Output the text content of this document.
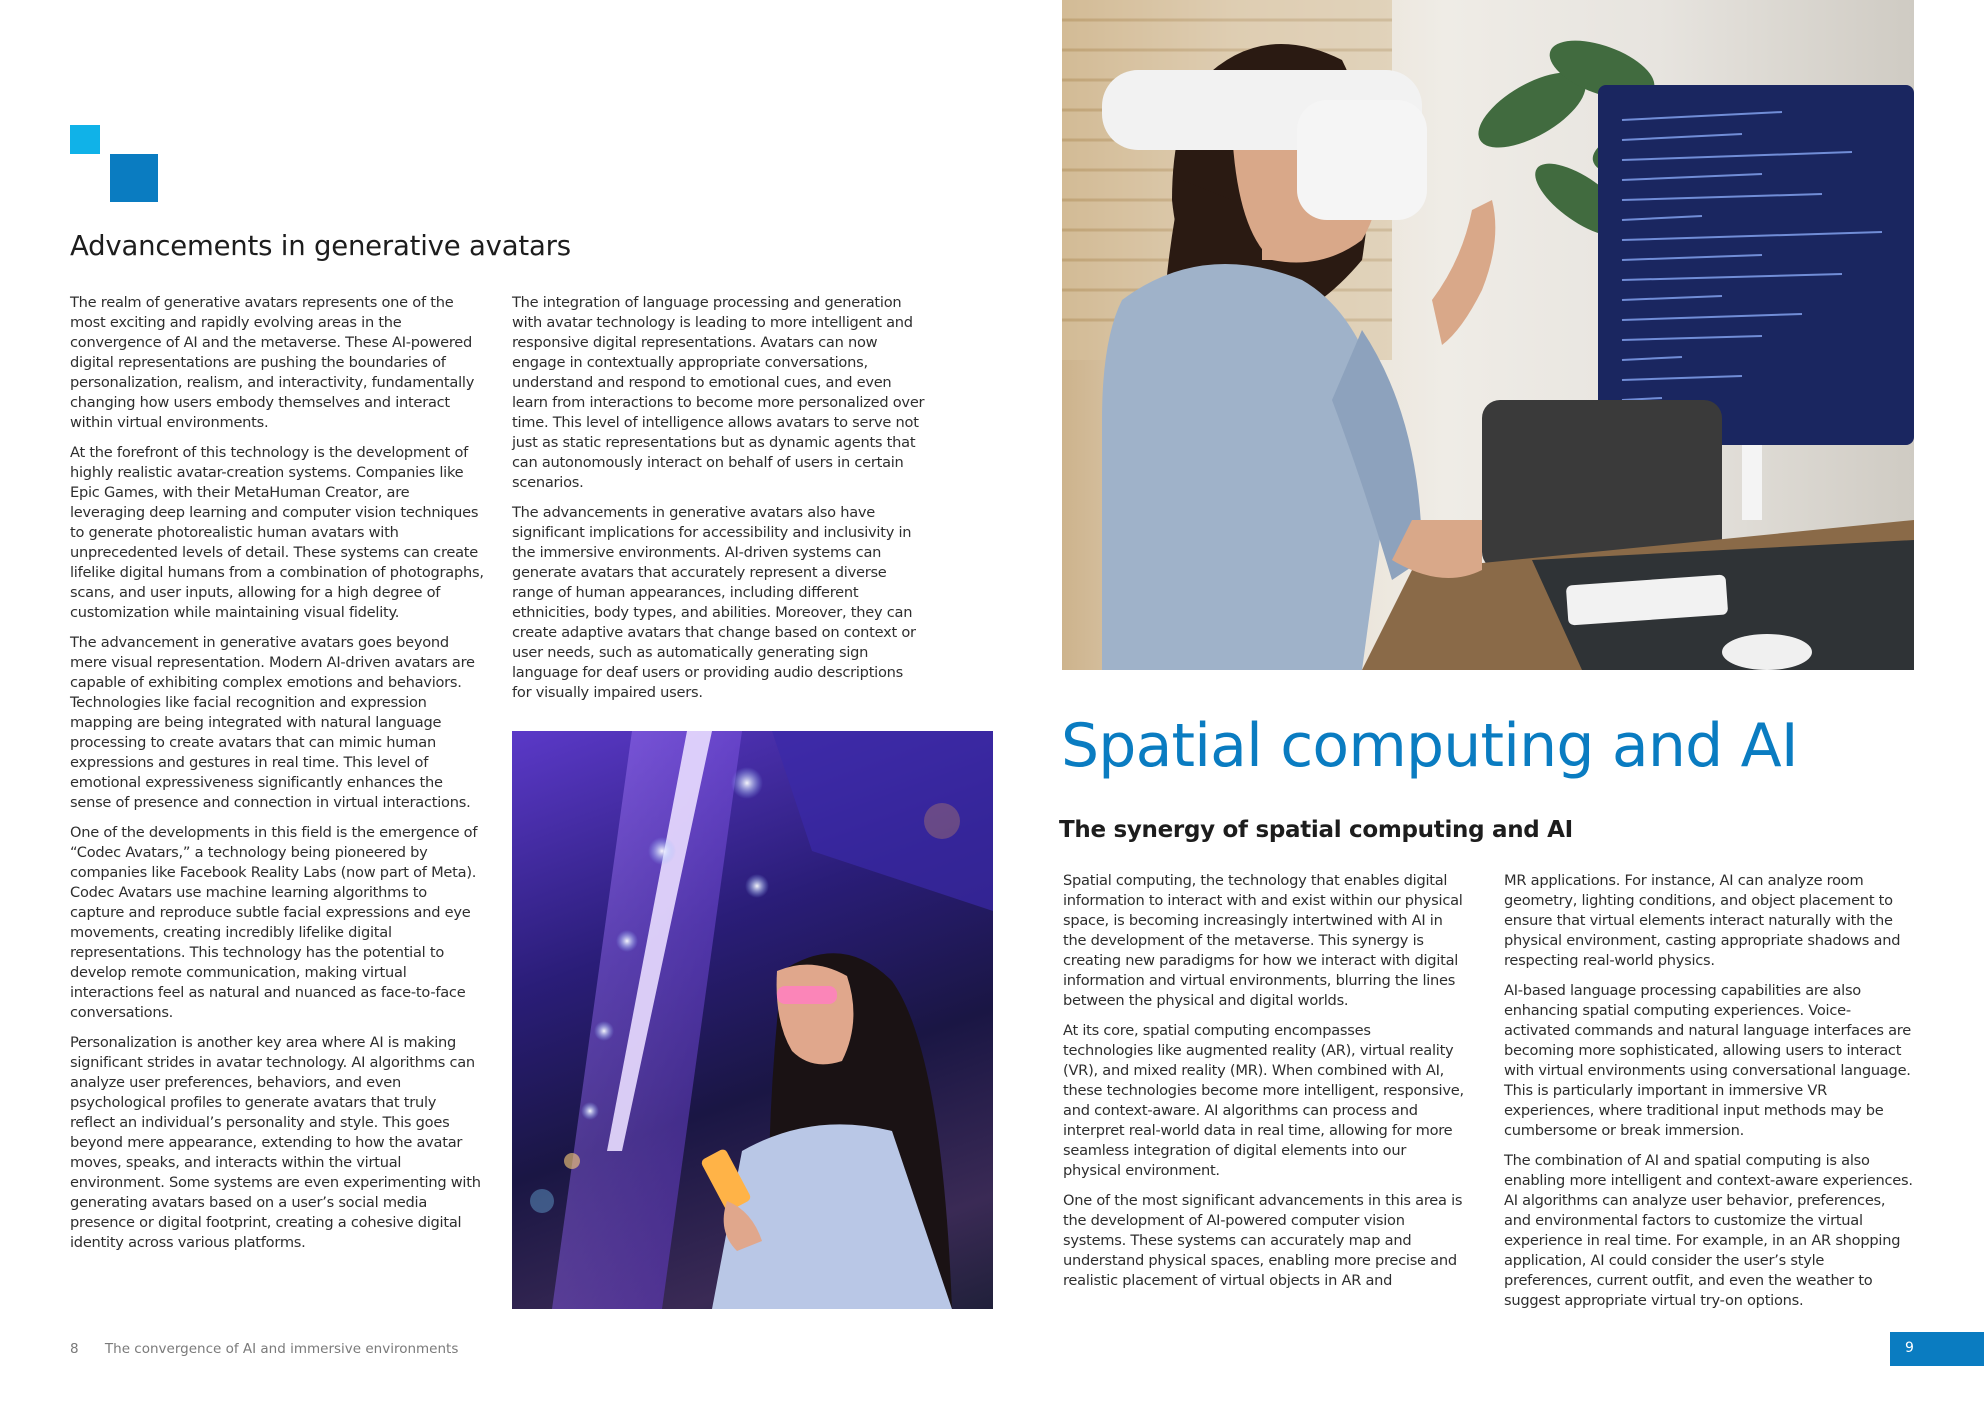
Advancements in generative avatars

The realm of generative avatars represents one of the most exciting and rapidly evolving areas in the convergence of AI and the metaverse. These AI-powered digital representations are pushing the boundaries of personalization, realism, and interactivity, fundamentally changing how users embody themselves and interact within virtual environments.

At the forefront of this technology is the development of highly realistic avatar-creation systems. Companies like Epic Games, with their MetaHuman Creator, are leveraging deep learning and computer vision techniques to generate photorealistic human avatars with unprecedented levels of detail. These systems can create lifelike digital humans from a combination of photographs, scans, and user inputs, allowing for a high degree of customization while maintaining visual fidelity.

The advancement in generative avatars goes beyond mere visual representation. Modern AI-driven avatars are capable of exhibiting complex emotions and behaviors. Technologies like facial recognition and expression mapping are being integrated with natural language processing to create avatars that can mimic human expressions and gestures in real time. This level of emotional expressiveness significantly enhances the sense of presence and connection in virtual interactions.

One of the developments in this field is the emergence of “Codec Avatars,” a technology being pioneered by companies like Facebook Reality Labs (now part of Meta). Codec Avatars use machine learning algorithms to capture and reproduce subtle facial expressions and eye movements, creating incredibly lifelike digital representations. This technology has the potential to develop remote communication, making virtual interactions feel as natural and nuanced as face-to-face conversations.

Personalization is another key area where AI is making significant strides in avatar technology. AI algorithms can analyze user preferences, behaviors, and even psychological profiles to generate avatars that truly reflect an individual’s personality and style. This goes beyond mere appearance, extending to how the avatar moves, speaks, and interacts within the virtual environment. Some systems are even experimenting with generating avatars based on a user’s social media presence or digital footprint, creating a cohesive digital identity across various platforms.

The integration of language processing and generation with avatar technology is leading to more intelligent and responsive digital representations. Avatars can now engage in contextually appropriate conversations, understand and respond to emotional cues, and even learn from interactions to become more personalized over time. This level of intelligence allows avatars to serve not just as static representations but as dynamic agents that can autonomously interact on behalf of users in certain scenarios.

The advancements in generative avatars also have significant implications for accessibility and inclusivity in the immersive environments. AI-driven systems can generate avatars that accurately represent a diverse range of human appearances, including different ethnicities, body types, and abilities. Moreover, they can create adaptive avatars that change based on context or user needs, such as automatically generating sign language for deaf users or providing audio descriptions for visually impaired users.

Spatial computing and AI
The synergy of spatial computing and AI

Spatial computing, the technology that enables digital information to interact with and exist within our physical space, is becoming increasingly intertwined with AI in the development of the metaverse. This synergy is creating new paradigms for how we interact with digital information and virtual environments, blurring the lines between the physical and digital worlds.

At its core, spatial computing encompasses technologies like augmented reality (AR), virtual reality (VR), and mixed reality (MR). When combined with AI, these technologies become more intelligent, responsive, and context-aware. AI algorithms can process and interpret real-world data in real time, allowing for more seamless integration of digital elements into our physical environment.

One of the most significant advancements in this area is the development of AI-powered computer vision systems. These systems can accurately map and understand physical spaces, enabling more precise and realistic placement of virtual objects in AR and

MR applications. For instance, AI can analyze room geometry, lighting conditions, and object placement to ensure that virtual elements interact naturally with the physical environment, casting appropriate shadows and respecting real-world physics.

AI-based language processing capabilities are also enhancing spatial computing experiences. Voice-activated commands and natural language interfaces are becoming more sophisticated, allowing users to interact with virtual environments using conversational language. This is particularly important in immersive VR experiences, where traditional input methods may be cumbersome or break immersion.

The combination of AI and spatial computing is also enabling more intelligent and context-aware experiences. AI algorithms can analyze user behavior, preferences, and environmental factors to customize the virtual experience in real time. For example, in an AR shopping application, AI could consider the user’s style preferences, current outfit, and even the weather to suggest appropriate virtual try-on options.

8 The convergence of AI and immersive environments	9
